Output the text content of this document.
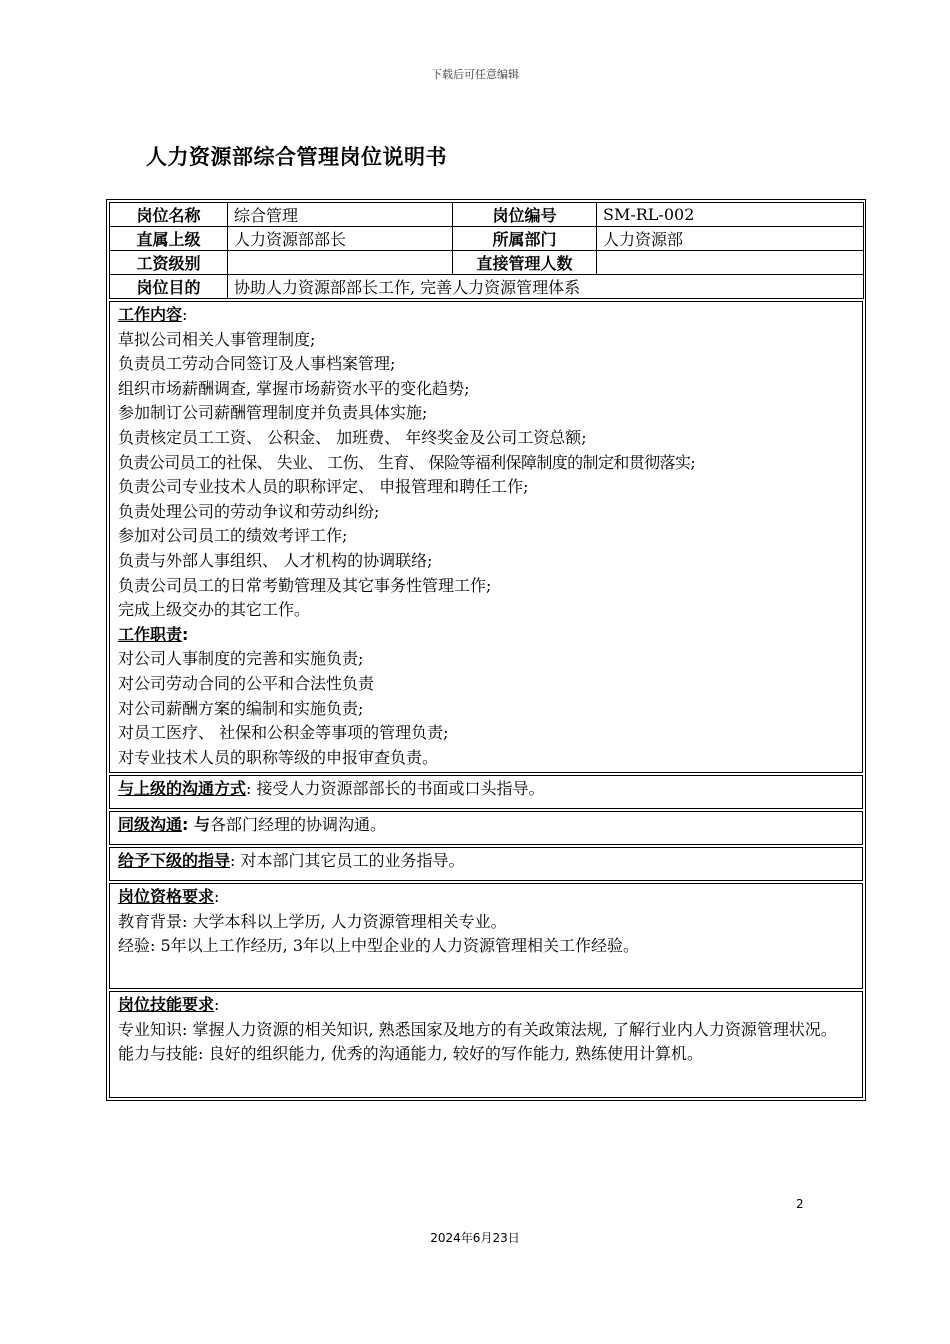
下载后可任意编辑
人力资源部综合管理岗位说明书
岗位名称	综合管理	岗位编号	SM-RL-002
直属上级	人力资源部部长	所属部门	人力资源部
工资级别		直接管理人数	
岗位目的	协助人力资源部部长工作, 完善人力资源管理体系		
工作内容:
草拟公司相关人事管理制度;
负责员工劳动合同签订及人事档案管理;
组织市场薪酬调查, 掌握市场薪资水平的变化趋势;
参加制订公司薪酬管理制度并负责具体实施;
负责核定员工工资、 公积金、 加班费、 年终奖金及公司工资总额;
负责公司员工的社保、 失业、 工伤、 生育、 保险等福利保障制度的制定和贯彻落实;
负责公司专业技术人员的职称评定、 申报管理和聘任工作;
负责处理公司的劳动争议和劳动纠纷;
参加对公司员工的绩效考评工作;
负责与外部人事组织、 人才机构的协调联络;
负责公司员工的日常考勤管理及其它事务性管理工作;
完成上级交办的其它工作。
工作职责:
对公司人事制度的完善和实施负责;
对公司劳动合同的公平和合法性负责
对公司薪酬方案的编制和实施负责;
对员工医疗、 社保和公积金等事项的管理负责;
对专业技术人员的职称等级的申报审查负责。
与上级的沟通方式: 接受人力资源部部长的书面或口头指导。
同级沟通: 与各部门经理的协调沟通。
给予下级的指导: 对本部门其它员工的业务指导。
岗位资格要求:
教育背景: 大学本科以上学历, 人力资源管理相关专业。
经验: 5年以上工作经历, 3年以上中型企业的人力资源管理相关工作经验。
岗位技能要求:
专业知识: 掌握人力资源的相关知识, 熟悉国家及地方的有关政策法规, 了解行业内人力资源管理状况。
能力与技能: 良好的组织能力, 优秀的沟通能力, 较好的写作能力, 熟练使用计算机。
2
2024年6月23日
